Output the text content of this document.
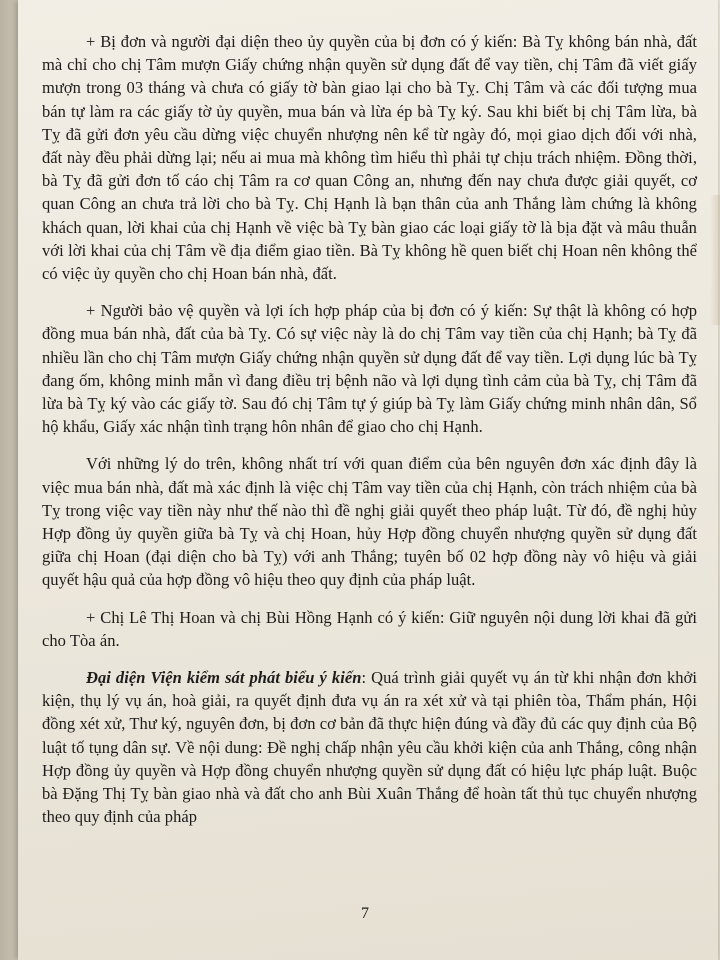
+ Bị đơn và người đại diện theo ủy quyền của bị đơn có ý kiến: Bà Tỵ không bán nhà, đất mà chỉ cho chị Tâm mượn Giấy chứng nhận quyền sử dụng đất để vay tiền, chị Tâm đã viết giấy mượn trong 03 tháng và chưa có giấy tờ bàn giao lại cho bà Tỵ. Chị Tâm và các đối tượng mua bán tự làm ra các giấy tờ ủy quyền, mua bán và lừa ép bà Tỵ ký. Sau khi biết bị chị Tâm lừa, bà Tỵ đã gửi đơn yêu cầu dừng việc chuyển nhượng nên kể từ ngày đó, mọi giao dịch đối với nhà, đất này đều phải dừng lại; nếu ai mua mà không tìm hiểu thì phải tự chịu trách nhiệm. Đồng thời, bà Tỵ đã gửi đơn tố cáo chị Tâm ra cơ quan Công an, nhưng đến nay chưa được giải quyết, cơ quan Công an chưa trả lời cho bà Tỵ. Chị Hạnh là bạn thân của anh Thắng làm chứng là không khách quan, lời khai của chị Hạnh về việc bà Tỵ bàn giao các loại giấy tờ là bịa đặt và mâu thuẫn với lời khai của chị Tâm về địa điểm giao tiền. Bà Tỵ không hề quen biết chị Hoan nên không thể có việc ủy quyền cho chị Hoan bán nhà, đất.

+ Người bảo vệ quyền và lợi ích hợp pháp của bị đơn có ý kiến: Sự thật là không có hợp đồng mua bán nhà, đất của bà Tỵ. Có sự việc này là do chị Tâm vay tiền của chị Hạnh; bà Tỵ đã nhiều lần cho chị Tâm mượn Giấy chứng nhận quyền sử dụng đất để vay tiền. Lợi dụng lúc bà Tỵ đang ốm, không minh mẫn vì đang điều trị bệnh não và lợi dụng tình cảm của bà Tỵ, chị Tâm đã lừa bà Tỵ ký vào các giấy tờ. Sau đó chị Tâm tự ý giúp bà Tỵ làm Giấy chứng minh nhân dân, Sổ hộ khẩu, Giấy xác nhận tình trạng hôn nhân để giao cho chị Hạnh.

Với những lý do trên, không nhất trí với quan điểm của bên nguyên đơn xác định đây là việc mua bán nhà, đất mà xác định là việc chị Tâm vay tiền của chị Hạnh, còn trách nhiệm của bà Tỵ trong việc vay tiền này như thế nào thì đề nghị giải quyết theo pháp luật. Từ đó, đề nghị hủy Hợp đồng ủy quyền giữa bà Tỵ và chị Hoan, hủy Hợp đồng chuyển nhượng quyền sử dụng đất giữa chị Hoan (đại diện cho bà Tỵ) với anh Thắng; tuyên bố 02 hợp đồng này vô hiệu và giải quyết hậu quả của hợp đồng vô hiệu theo quy định của pháp luật.

+ Chị Lê Thị Hoan và chị Bùi Hồng Hạnh có ý kiến: Giữ nguyên nội dung lời khai đã gửi cho Tòa án.

Đại diện Viện kiểm sát phát biểu ý kiến: Quá trình giải quyết vụ án từ khi nhận đơn khởi kiện, thụ lý vụ án, hoà giải, ra quyết định đưa vụ án ra xét xử và tại phiên tòa, Thẩm phán, Hội đồng xét xử, Thư ký, nguyên đơn, bị đơn cơ bản đã thực hiện đúng và đầy đủ các quy định của Bộ luật tố tụng dân sự. Về nội dung: Đề nghị chấp nhận yêu cầu khởi kiện của anh Thắng, công nhận Hợp đồng ủy quyền và Hợp đồng chuyển nhượng quyền sử dụng đất có hiệu lực pháp luật. Buộc bà Đặng Thị Tỵ bàn giao nhà và đất cho anh Bùi Xuân Thắng để hoàn tất thủ tục chuyển nhượng theo quy định của pháp

7
